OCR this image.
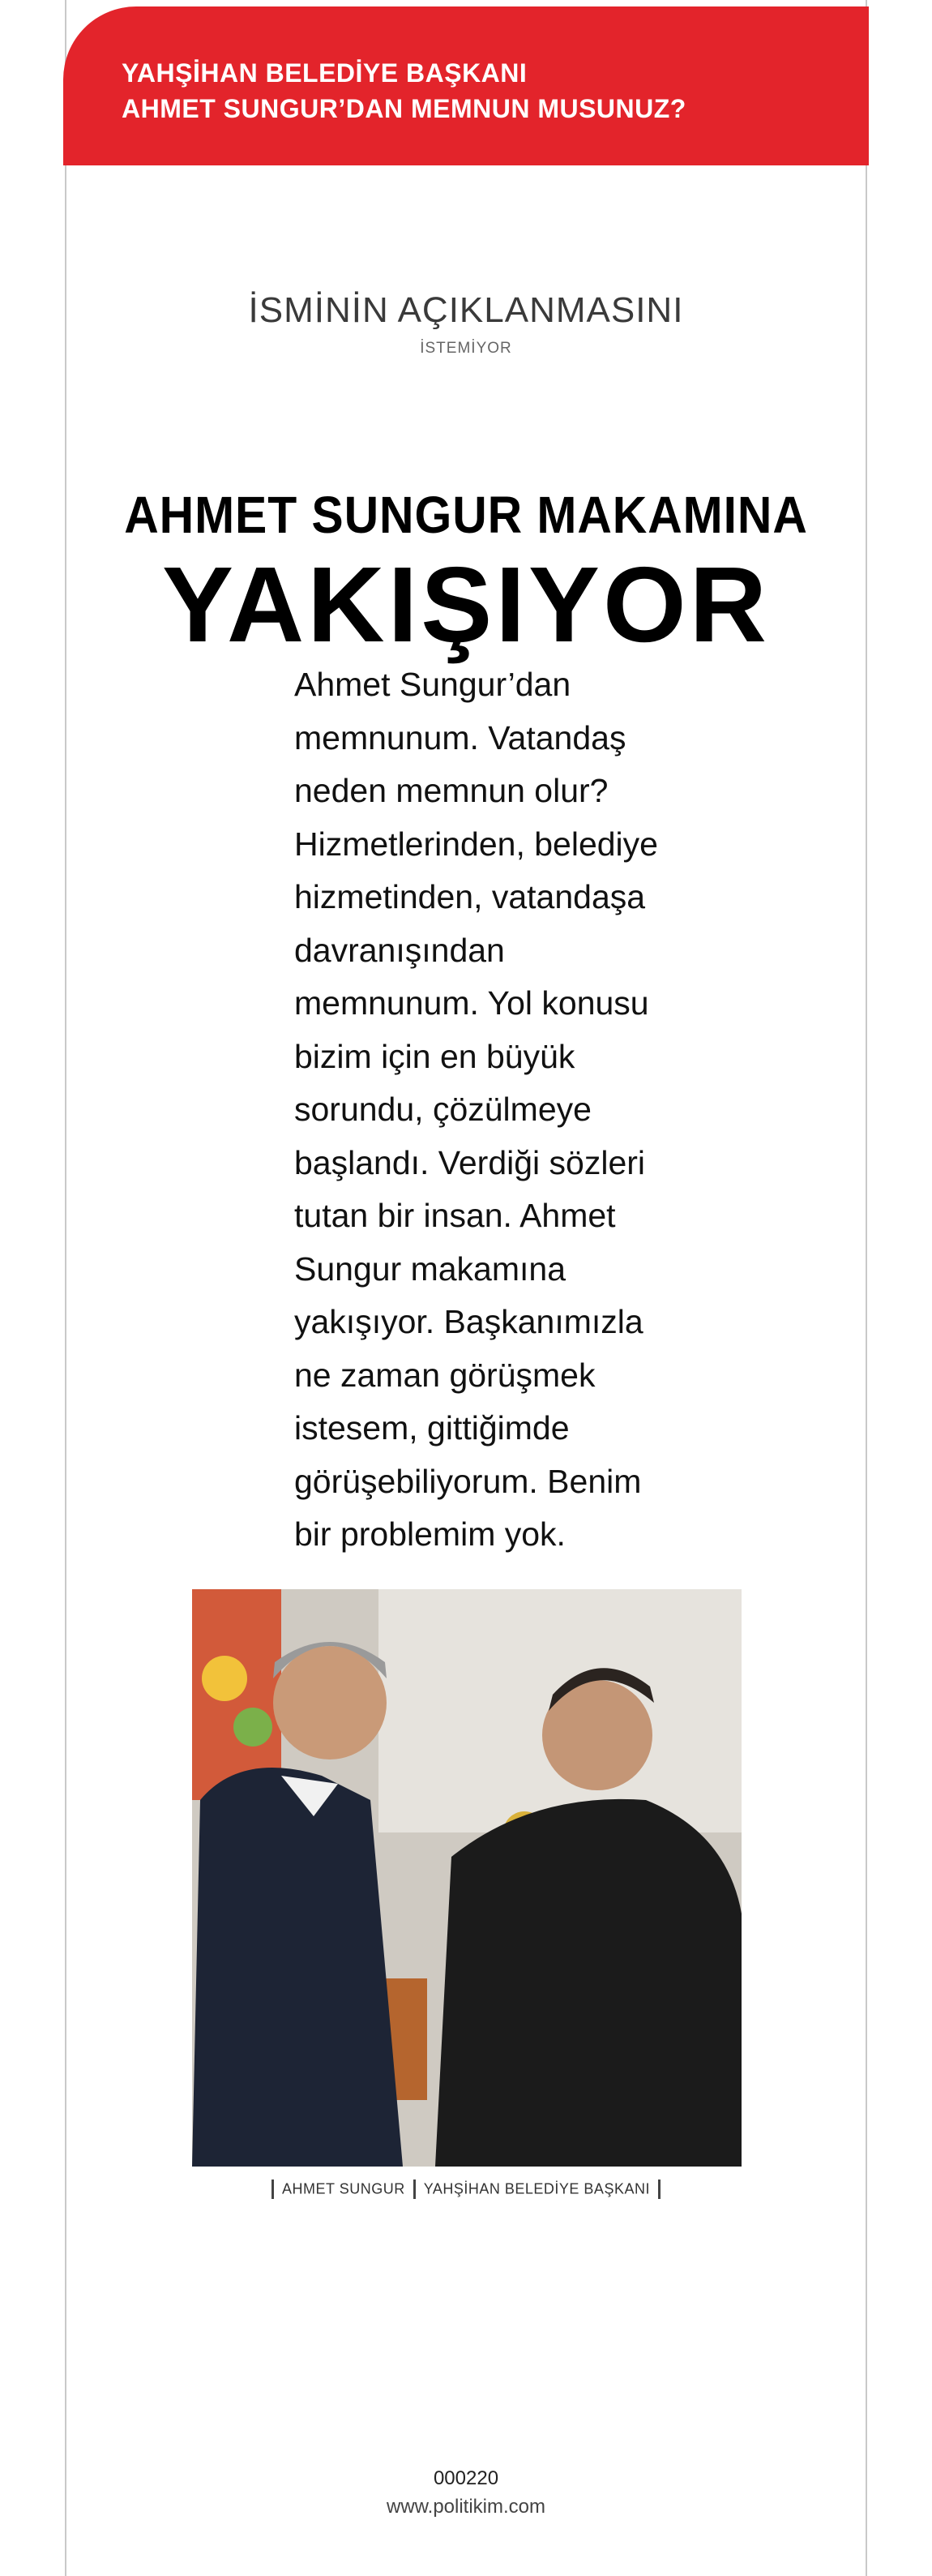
YAHŞİHAN BELEDİYE BAŞKANI
AHMET SUNGUR’DAN MEMNUN MUSUNUZ?
İSMİNİN AÇIKLANMASINI
İSTEMİYOR
AHMET SUNGUR MAKAMINA
YAKIŞIYOR
Ahmet Sungur’dan memnunum. Vatandaş neden memnun olur? Hizmetlerinden, belediye hizmetinden, vatandaşa davranışından memnunum. Yol konusu bizim için en büyük sorundu, çözülmeye başlandı. Verdiği sözleri tutan bir insan. Ahmet Sungur makamına yakışıyor. Başkanımızla ne zaman görüşmek istesem, gittiğimde görüşebiliyorum. Benim bir problemim yok.
AHMET SUNGUR YAHŞİHAN BELEDİYE BAŞKANI
000220
www.politikim.com
